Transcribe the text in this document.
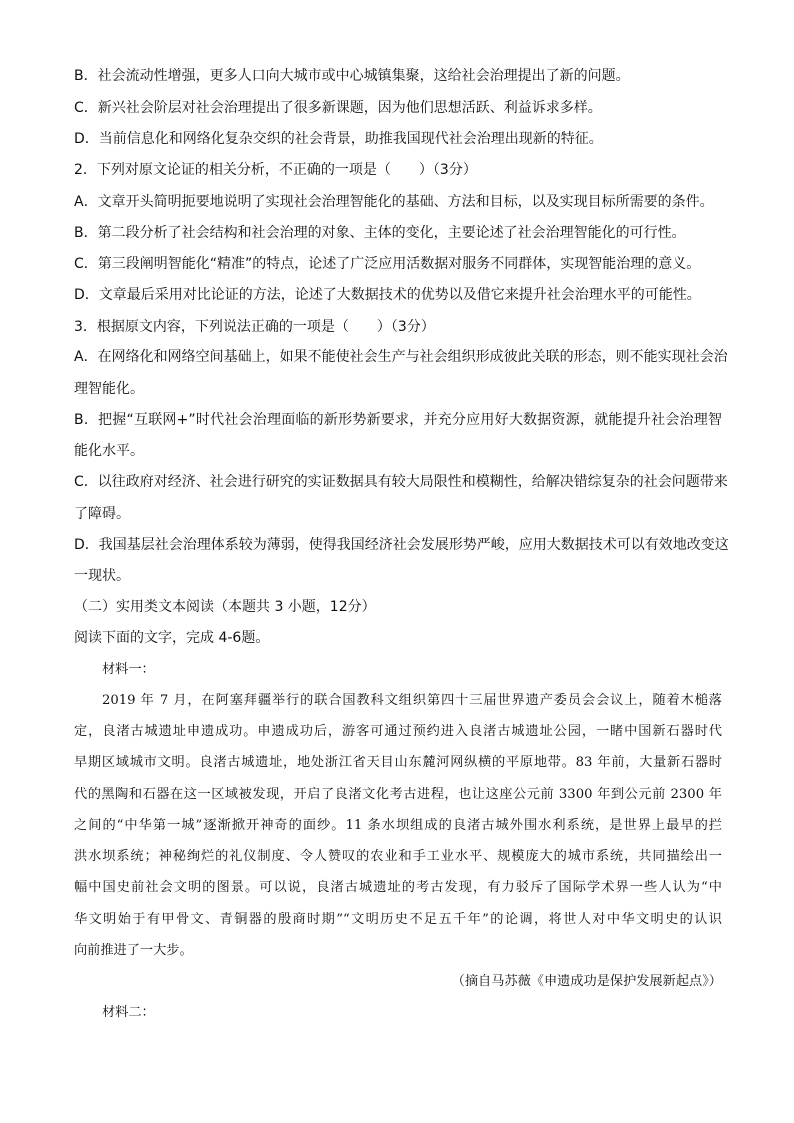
B．社会流动性增强，更多人口向大城市或中心城镇集聚，这给社会治理提出了新的问题。
C．新兴社会阶层对社会治理提出了很多新课题，因为他们思想活跃、利益诉求多样。
D．当前信息化和网络化复杂交织的社会背景，助推我国现代社会治理出现新的特征。
2．下列对原文论证的相关分析，不正确的一项是（　　）（3分）
A．文章开头简明扼要地说明了实现社会治理智能化的基础、方法和目标，以及实现目标所需要的条件。
B．第二段分析了社会结构和社会治理的对象、主体的变化，主要论述了社会治理智能化的可行性。
C．第三段阐明智能化“精准”的特点，论述了广泛应用活数据对服务不同群体，实现智能治理的意义。
D．文章最后采用对比论证的方法，论述了大数据技术的优势以及借它来提升社会治理水平的可能性。
3．根据原文内容，下列说法正确的一项是（　　）（3分）
A．在网络化和网络空间基础上，如果不能使社会生产与社会组织形成彼此关联的形态，则不能实现社会治
理智能化。
B．把握“互联网+”时代社会治理面临的新形势新要求，并充分应用好大数据资源，就能提升社会治理智
能化水平。
C．以往政府对经济、社会进行研究的实证数据具有较大局限性和模糊性，给解决错综复杂的社会问题带来
了障碍。
D．我国基层社会治理体系较为薄弱，使得我国经济社会发展形势严峻，应用大数据技术可以有效地改变这
一现状。
（二）实用类文本阅读（本题共 3 小题，12分）
阅读下面的文字，完成 4-6题。
材料一：
2019 年 7 月，在阿塞拜疆举行的联合国教科文组织第四十三届世界遗产委员会会议上，随着木槌落
定，良渚古城遗址申遗成功。申遗成功后，游客可通过预约进入良渚古城遗址公园，一睹中国新石器时代
早期区域城市文明。良渚古城遗址，地处浙江省天目山东麓河网纵横的平原地带。83 年前，大量新石器时
代的黑陶和石器在这一区域被发现，开启了良渚文化考古进程，也让这座公元前 3300 年到公元前 2300 年
之间的“中华第一城”逐渐掀开神奇的面纱。11 条水坝组成的良渚古城外围水利系统，是世界上最早的拦
洪水坝系统；神秘绚烂的礼仪制度、令人赞叹的农业和手工业水平、规模庞大的城市系统，共同描绘出一
幅中国史前社会文明的图景。可以说，良渚古城遗址的考古发现，有力驳斥了国际学术界一些人认为“中
华文明始于有甲骨文、青铜器的殷商时期”“文明历史不足五千年”的论调，将世人对中华文明史的认识
向前推进了一大步。
（摘自马苏薇《申遗成功是保护发展新起点》）
材料二：
